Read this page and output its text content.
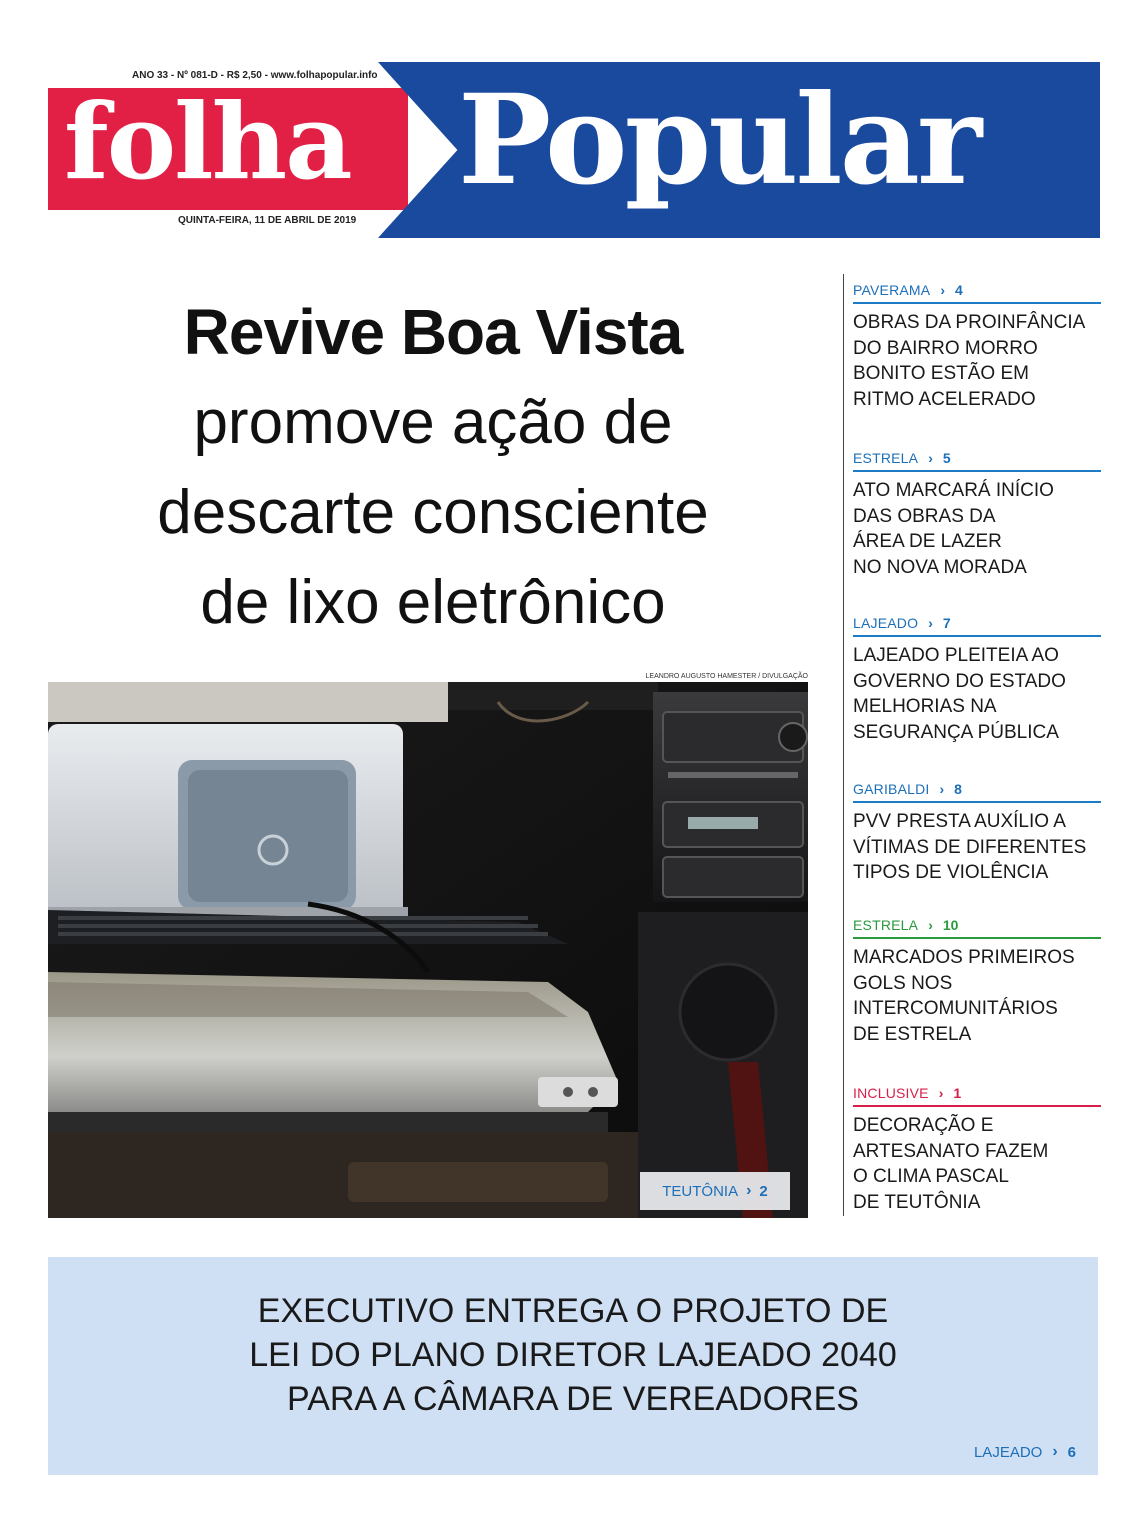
ANO 33 - Nº 081-D - R$ 2,50 - www.folhapopular.info
folha Popular
QUINTA-FEIRA, 11 DE ABRIL DE 2019
Revive Boa Vista
promove ação de
descarte consciente
de lixo eletrônico
LEANDRO AUGUSTO HAMESTER / DIVULGAÇÃO
TEUTÔNIA › 2
PAVERAMA › 4
OBRAS DA PROINFÂNCIA
DO BAIRRO MORRO
BONITO ESTÃO EM
RITMO ACELERADO
ESTRELA › 5
ATO MARCARÁ INÍCIO
DAS OBRAS DA
ÁREA DE LAZER
NO NOVA MORADA
LAJEADO › 7
LAJEADO PLEITEIA AO
GOVERNO DO ESTADO
MELHORIAS NA
SEGURANÇA PÚBLICA
GARIBALDI › 8
PVV PRESTA AUXÍLIO A
VÍTIMAS DE DIFERENTES
TIPOS DE VIOLÊNCIA
ESTRELA › 10
MARCADOS PRIMEIROS
GOLS NOS
INTERCOMUNITÁRIOS
DE ESTRELA
INCLUSIVE › 1
DECORAÇÃO E
ARTESANATO FAZEM
O CLIMA PASCAL
DE TEUTÔNIA
EXECUTIVO ENTREGA O PROJETO DE
LEI DO PLANO DIRETOR LAJEADO 2040
PARA A CÂMARA DE VEREADORES
LAJEADO › 6
